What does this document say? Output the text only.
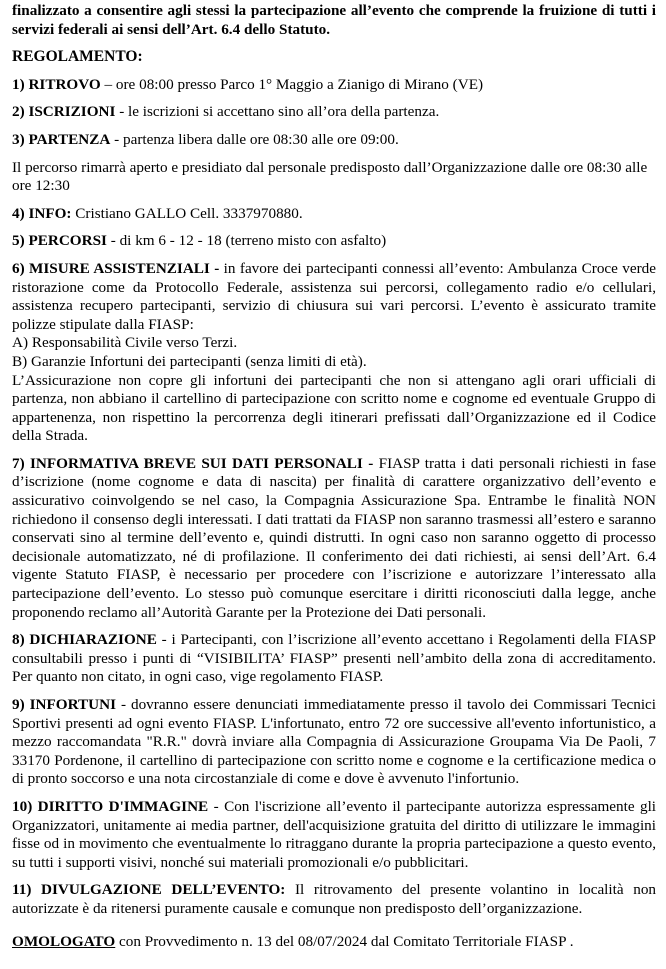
finalizzato a consentire agli stessi la partecipazione all’evento che comprende la fruizione di tutti i servizi federali ai sensi dell’Art. 6.4 dello Statuto.

REGOLAMENTO:

1) RITROVO – ore 08:00 presso Parco 1° Maggio a Zianigo di Mirano (VE)

2) ISCRIZIONI - le iscrizioni si accettano sino all’ora della partenza.

3) PARTENZA - partenza libera dalle ore 08:30 alle ore 09:00.

Il percorso rimarrà aperto e presidiato dal personale predisposto dall’Organizzazione dalle ore 08:30 alle ore 12:30

4) INFO: Cristiano GALLO Cell. 3337970880.

5) PERCORSI - di km 6 - 12 - 18 (terreno misto con asfalto)

6) MISURE ASSISTENZIALI - in favore dei partecipanti connessi all’evento: Ambulanza Croce verde ristorazione come da Protocollo Federale, assistenza sui percorsi, collegamento radio e/o cellulari, assistenza recupero partecipanti, servizio di chiusura sui vari percorsi. L’evento è assicurato tramite polizze stipulate dalla FIASP:
A) Responsabilità Civile verso Terzi.
B) Garanzie Infortuni dei partecipanti (senza limiti di età).
L’Assicurazione non copre gli infortuni dei partecipanti che non si attengano agli orari ufficiali di partenza, non abbiano il cartellino di partecipazione con scritto nome e cognome ed eventuale Gruppo di appartenenza, non rispettino la percorrenza degli itinerari prefissati dall’Organizzazione ed il Codice della Strada.

7) INFORMATIVA BREVE SUI DATI PERSONALI - FIASP tratta i dati personali richiesti in fase d’iscrizione (nome cognome e data di nascita) per finalità di carattere organizzativo dell’evento e assicurativo coinvolgendo se nel caso, la Compagnia Assicurazione Spa. Entrambe le finalità NON richiedono il consenso degli interessati. I dati trattati da FIASP non saranno trasmessi all’estero e saranno conservati sino al termine dell’evento e, quindi distrutti. In ogni caso non saranno oggetto di processo decisionale automatizzato, né di profilazione. Il conferimento dei dati richiesti, ai sensi dell’Art. 6.4 vigente Statuto FIASP, è necessario per procedere con l’iscrizione e autorizzare l’interessato alla partecipazione dell’evento. Lo stesso può comunque esercitare i diritti riconosciuti dalla legge, anche proponendo reclamo all’Autorità Garante per la Protezione dei Dati personali.

8) DICHIARAZIONE - i Partecipanti, con l’iscrizione all’evento accettano i Regolamenti della FIASP consultabili presso i punti di “VISIBILITA’ FIASP” presenti nell’ambito della zona di accreditamento. Per quanto non citato, in ogni caso, vige regolamento FIASP.

9) INFORTUNI - dovranno essere denunciati immediatamente presso il tavolo dei Commissari Tecnici Sportivi presenti ad ogni evento FIASP. L'infortunato, entro 72 ore successive all'evento infortunistico, a mezzo raccomandata "R.R." dovrà inviare alla Compagnia di Assicurazione Groupama Via De Paoli, 7 33170 Pordenone, il cartellino di partecipazione con scritto nome e cognome e la certificazione medica o di pronto soccorso e una nota circostanziale di come e dove è avvenuto l'infortunio.

10) DIRITTO D'IMMAGINE - Con l'iscrizione all’evento il partecipante autorizza espressamente gli Organizzatori, unitamente ai media partner, dell'acquisizione gratuita del diritto di utilizzare le immagini fisse od in movimento che eventualmente lo ritraggano durante la propria partecipazione a questo evento, su tutti i supporti visivi, nonché sui materiali promozionali e/o pubblicitari.

11) DIVULGAZIONE DELL’EVENTO: Il ritrovamento del presente volantino in località non autorizzate è da ritenersi puramente causale e comunque non predisposto dell’organizzazione.

OMOLOGATO con Provvedimento n. 13 del 08/07/2024 dal Comitato Territoriale FIASP .
